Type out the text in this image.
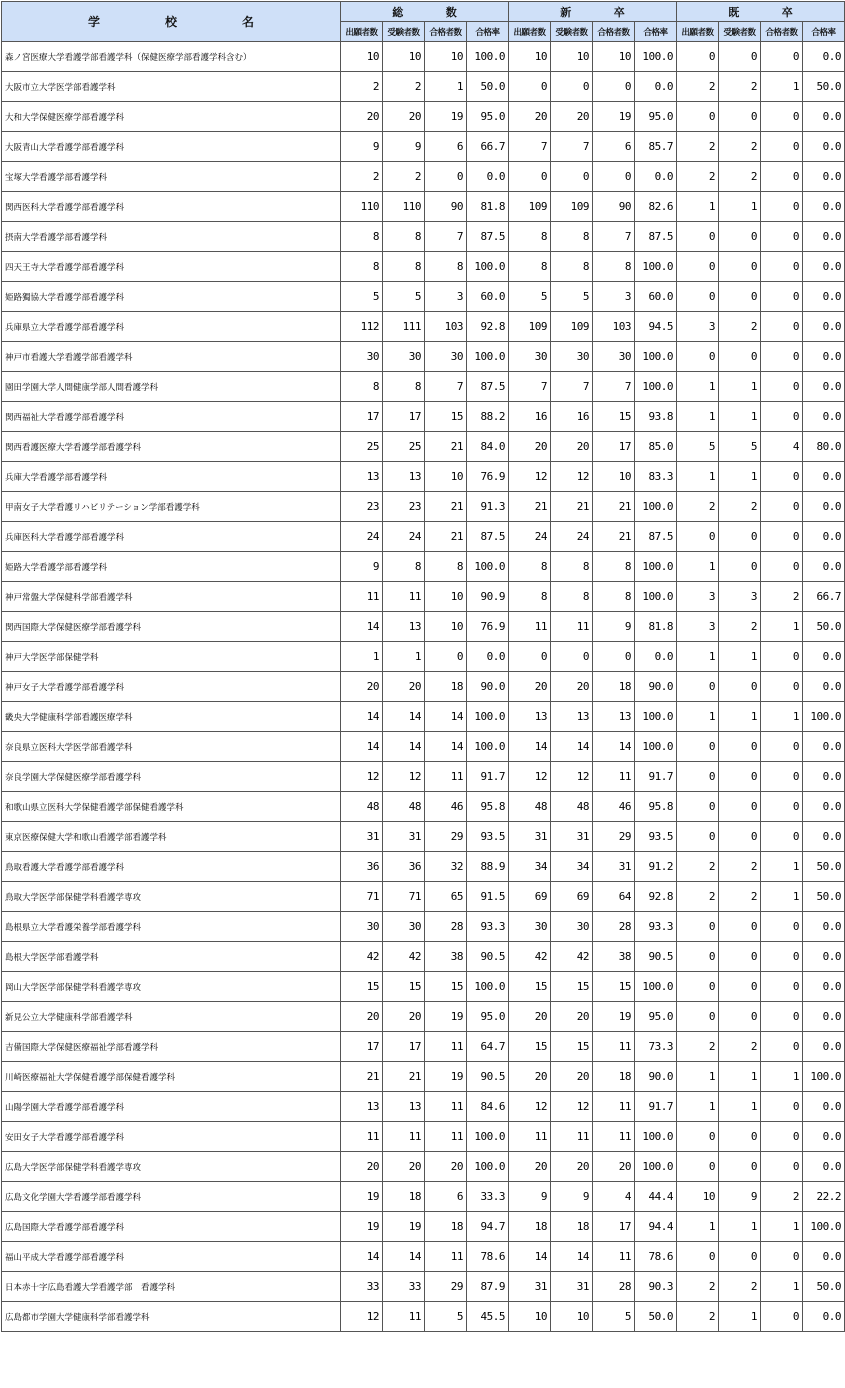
学 校 名	総 数				新 卒				既 卒			

	出願者数	受験者数	合格者数	合格率	出願者数	受験者数	合格者数	合格率	出願者数	受験者数	合格者数	合格率
森ノ宮医療大学看護学部看護学科（保健医療学部看護学科含む）	10	10	10	100.0	10	10	10	100.0	0	0	0	0.0
大阪市立大学医学部看護学科	2	2	1	50.0	0	0	0	0.0	2	2	1	50.0
大和大学保健医療学部看護学科	20	20	19	95.0	20	20	19	95.0	0	0	0	0.0
大阪青山大学看護学部看護学科	9	9	6	66.7	7	7	6	85.7	2	2	0	0.0
宝塚大学看護学部看護学科	2	2	0	0.0	0	0	0	0.0	2	2	0	0.0
関西医科大学看護学部看護学科	110	110	90	81.8	109	109	90	82.6	1	1	0	0.0
摂南大学看護学部看護学科	8	8	7	87.5	8	8	7	87.5	0	0	0	0.0
四天王寺大学看護学部看護学科	8	8	8	100.0	8	8	8	100.0	0	0	0	0.0
姫路獨協大学看護学部看護学科	5	5	3	60.0	5	5	3	60.0	0	0	0	0.0
兵庫県立大学看護学部看護学科	112	111	103	92.8	109	109	103	94.5	3	2	0	0.0
神戸市看護大学看護学部看護学科	30	30	30	100.0	30	30	30	100.0	0	0	0	0.0
園田学園大学人間健康学部人間看護学科	8	8	7	87.5	7	7	7	100.0	1	1	0	0.0
関西福祉大学看護学部看護学科	17	17	15	88.2	16	16	15	93.8	1	1	0	0.0
関西看護医療大学看護学部看護学科	25	25	21	84.0	20	20	17	85.0	5	5	4	80.0
兵庫大学看護学部看護学科	13	13	10	76.9	12	12	10	83.3	1	1	0	0.0
甲南女子大学看護リハビリテーション学部看護学科	23	23	21	91.3	21	21	21	100.0	2	2	0	0.0
兵庫医科大学看護学部看護学科	24	24	21	87.5	24	24	21	87.5	0	0	0	0.0
姫路大学看護学部看護学科	9	8	8	100.0	8	8	8	100.0	1	0	0	0.0
神戸常盤大学保健科学部看護学科	11	11	10	90.9	8	8	8	100.0	3	3	2	66.7
関西国際大学保健医療学部看護学科	14	13	10	76.9	11	11	9	81.8	3	2	1	50.0
神戸大学医学部保健学科	1	1	0	0.0	0	0	0	0.0	1	1	0	0.0
神戸女子大学看護学部看護学科	20	20	18	90.0	20	20	18	90.0	0	0	0	0.0
畿央大学健康科学部看護医療学科	14	14	14	100.0	13	13	13	100.0	1	1	1	100.0
奈良県立医科大学医学部看護学科	14	14	14	100.0	14	14	14	100.0	0	0	0	0.0
奈良学園大学保健医療学部看護学科	12	12	11	91.7	12	12	11	91.7	0	0	0	0.0
和歌山県立医科大学保健看護学部保健看護学科	48	48	46	95.8	48	48	46	95.8	0	0	0	0.0
東京医療保健大学和歌山看護学部看護学科	31	31	29	93.5	31	31	29	93.5	0	0	0	0.0
鳥取看護大学看護学部看護学科	36	36	32	88.9	34	34	31	91.2	2	2	1	50.0
鳥取大学医学部保健学科看護学専攻	71	71	65	91.5	69	69	64	92.8	2	2	1	50.0
島根県立大学看護栄養学部看護学科	30	30	28	93.3	30	30	28	93.3	0	0	0	0.0
島根大学医学部看護学科	42	42	38	90.5	42	42	38	90.5	0	0	0	0.0
岡山大学医学部保健学科看護学専攻	15	15	15	100.0	15	15	15	100.0	0	0	0	0.0
新見公立大学健康科学部看護学科	20	20	19	95.0	20	20	19	95.0	0	0	0	0.0
吉備国際大学保健医療福祉学部看護学科	17	17	11	64.7	15	15	11	73.3	2	2	0	0.0
川崎医療福祉大学保健看護学部保健看護学科	21	21	19	90.5	20	20	18	90.0	1	1	1	100.0
山陽学園大学看護学部看護学科	13	13	11	84.6	12	12	11	91.7	1	1	0	0.0
安田女子大学看護学部看護学科	11	11	11	100.0	11	11	11	100.0	0	0	0	0.0
広島大学医学部保健学科看護学専攻	20	20	20	100.0	20	20	20	100.0	0	0	0	0.0
広島文化学園大学看護学部看護学科	19	18	6	33.3	9	9	4	44.4	10	9	2	22.2
広島国際大学看護学部看護学科	19	19	18	94.7	18	18	17	94.4	1	1	1	100.0
福山平成大学看護学部看護学科	14	14	11	78.6	14	14	11	78.6	0	0	0	0.0
日本赤十字広島看護大学看護学部　看護学科	33	33	29	87.9	31	31	28	90.3	2	2	1	50.0
広島都市学園大学健康科学部看護学科	12	11	5	45.5	10	10	5	50.0	2	1	0	0.0
